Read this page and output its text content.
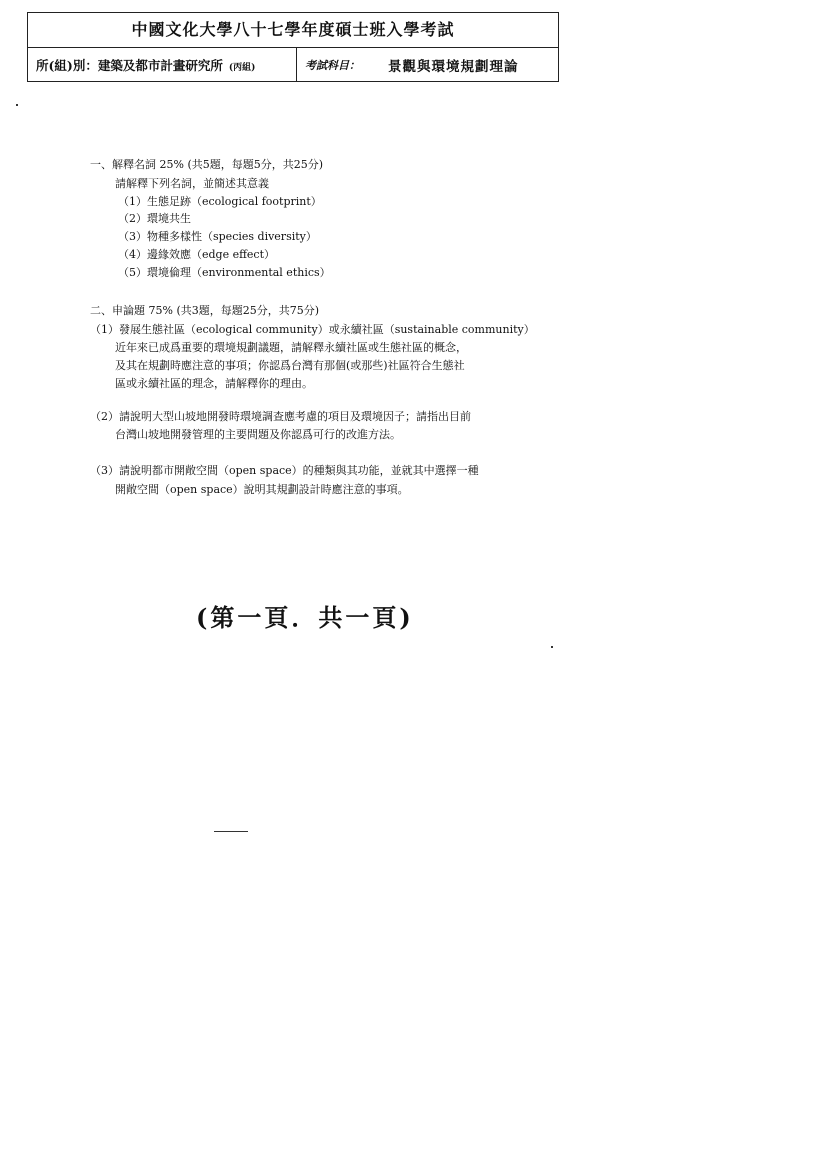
中國文化大學八十七學年度碩士班入學考試
所(組)別：建築及都市計畫研究所 (丙組)	考試科目： 景觀與環境規劃理論
一、解釋名詞 25% (共5題，每題5分，共25分)
請解釋下列名詞，並簡述其意義
（1）生態足跡（ecological footprint）
（2）環境共生
（3）物種多樣性（species diversity）
（4）邊緣效應（edge effect）
（5）環境倫理（environmental ethics）
二、申論題 75% (共3題，每題25分，共75分)
（1）發展生態社區（ecological community）或永續社區（sustainable community）
近年來已成爲重要的環境規劃議題，請解釋永續社區或生態社區的概念，
及其在規劃時應注意的事項；你認爲台灣有那個(或那些)社區符合生態社
區或永續社區的理念，請解釋你的理由。
（2）請說明大型山坡地開發時環境調查應考慮的項目及環境因子；請指出目前
台灣山坡地開發管理的主要問題及你認爲可行的改進方法。
（3）請說明都市開敞空間（open space）的種類與其功能，並就其中選擇一種
開敞空間（open space）說明其規劃設計時應注意的事項。
(第一頁．共一頁)
